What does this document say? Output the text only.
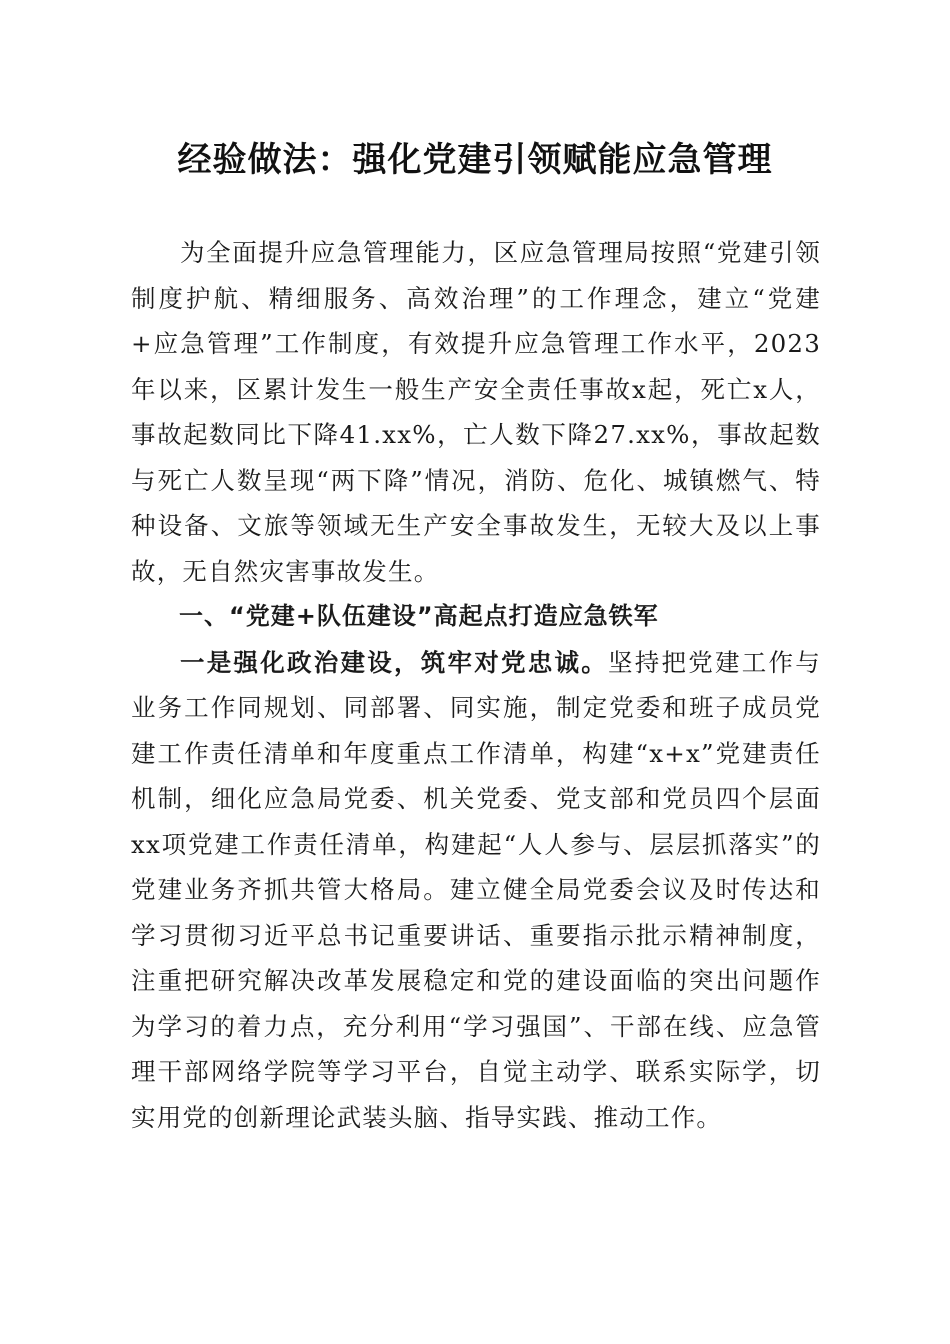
经验做法：强化党建引领赋能应急管理

为全面提升应急管理能力，区应急管理局按照“党建引领制度护航、精细服务、高效治理”的工作理念，建立“党建+应急管理”工作制度，有效提升应急管理工作水平，2023年以来，区累计发生一般生产安全责任事故x起，死亡x人，事故起数同比下降41.xx%，亡人数下降27.xx%，事故起数与死亡人数呈现“两下降”情况，消防、危化、城镇燃气、特种设备、文旅等领域无生产安全事故发生，无较大及以上事故，无自然灾害事故发生。

一、“党建+队伍建设”高起点打造应急铁军

一是强化政治建设，筑牢对党忠诚。坚持把党建工作与业务工作同规划、同部署、同实施，制定党委和班子成员党建工作责任清单和年度重点工作清单，构建“x+x”党建责任机制，细化应急局党委、机关党委、党支部和党员四个层面xx项党建工作责任清单，构建起“人人参与、层层抓落实”的党建业务齐抓共管大格局。建立健全局党委会议及时传达和学习贯彻习近平总书记重要讲话、重要指示批示精神制度，注重把研究解决改革发展稳定和党的建设面临的突出问题作为学习的着力点，充分利用“学习强国”、干部在线、应急管理干部网络学院等学习平台，自觉主动学、联系实际学，切实用党的创新理论武装头脑、指导实践、推动工作。
